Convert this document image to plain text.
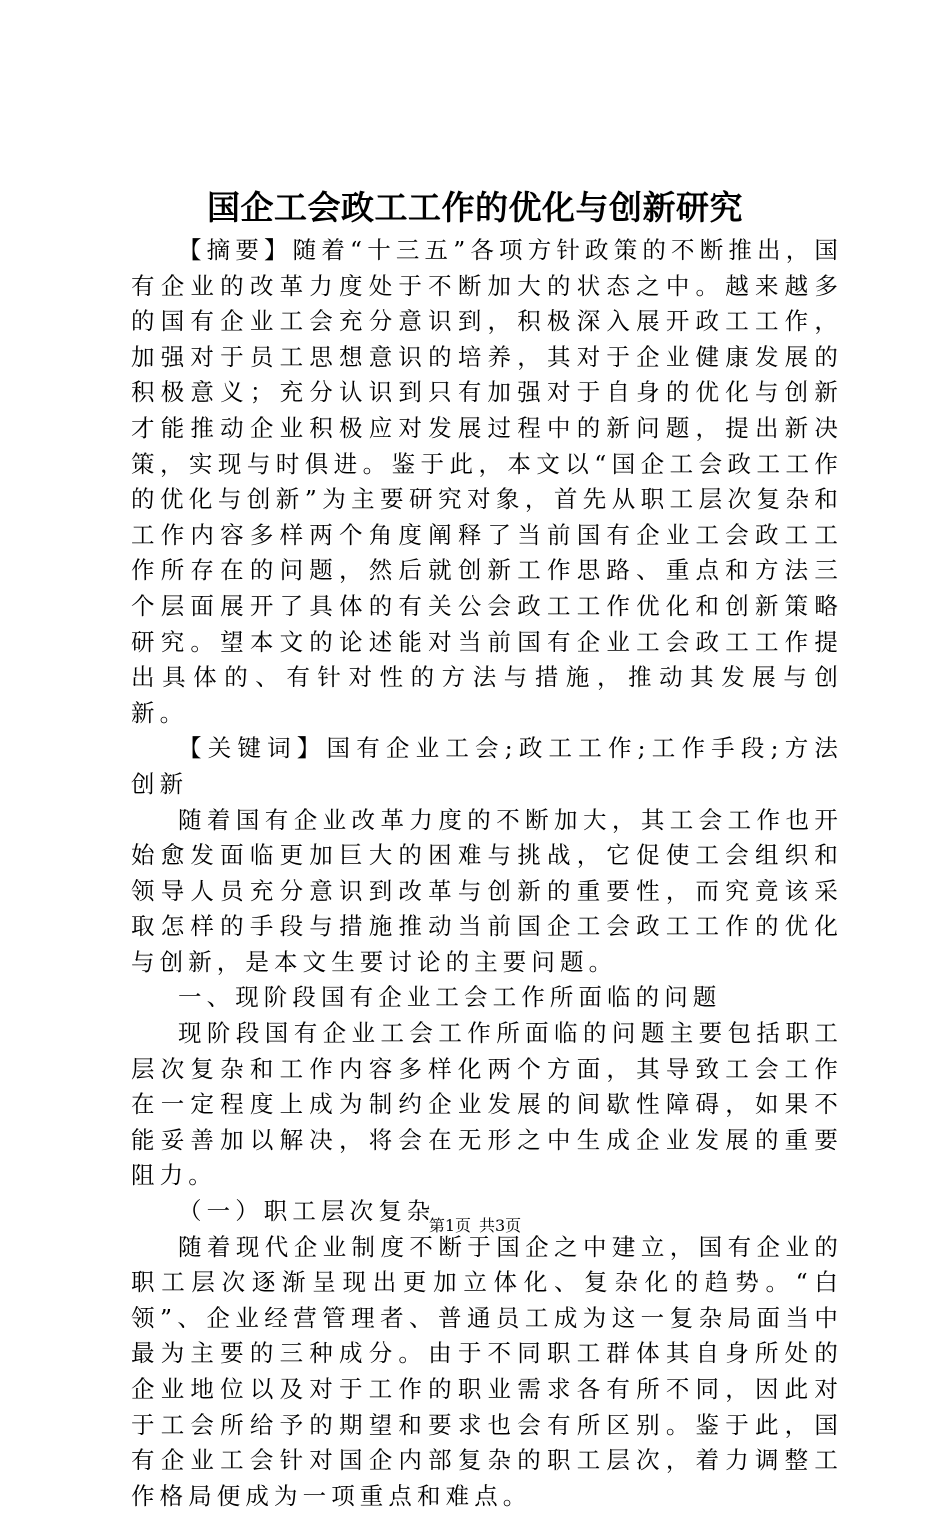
国企工会政工工作的优化与创新研究

【摘要】随着“十三五”各项方针政策的不断推出，国有企业的改革力度处于不断加大的状态之中。越来越多的国有企业工会充分意识到，积极深入展开政工工作，加强对于员工思想意识的培养，其对于企业健康发展的积极意义；充分认识到只有加强对于自身的优化与创新才能推动企业积极应对发展过程中的新问题，提出新决策，实现与时俱进。鉴于此，本文以“国企工会政工工作的优化与创新”为主要研究对象，首先从职工层次复杂和工作内容多样两个角度阐释了当前国有企业工会政工工作所存在的问题，然后就创新工作思路、重点和方法三个层面展开了具体的有关公会政工工作优化和创新策略研究。望本文的论述能对当前国有企业工会政工工作提出具体的、有针对性的方法与措施，推动其发展与创新。

【关键词】国有企业工会;政工工作;工作手段;方法创新

随着国有企业改革力度的不断加大，其工会工作也开始愈发面临更加巨大的困难与挑战，它促使工会组织和领导人员充分意识到改革与创新的重要性，而究竟该采取怎样的手段与措施推动当前国企工会政工工作的优化与创新，是本文生要讨论的主要问题。

一、现阶段国有企业工会工作所面临的问题

现阶段国有企业工会工作所面临的问题主要包括职工层次复杂和工作内容多样化两个方面，其导致工会工作在一定程度上成为制约企业发展的间歇性障碍，如果不能妥善加以解决，将会在无形之中生成企业发展的重要阻力。

（一）职工层次复杂

随着现代企业制度不断于国企之中建立，国有企业的职工层次逐渐呈现出更加立体化、复杂化的趋势。“白领”、企业经营管理者、普通员工成为这一复杂局面当中最为主要的三种成分。由于不同职工群体其自身所处的企业地位以及对于工作的职业需求各有所不同，因此对于工会所给予的期望和要求也会有所区别。鉴于此，国有企业工会针对国企内部复杂的职工层次，着力调整工作格局便成为一项重点和难点。

第1页 共3页
